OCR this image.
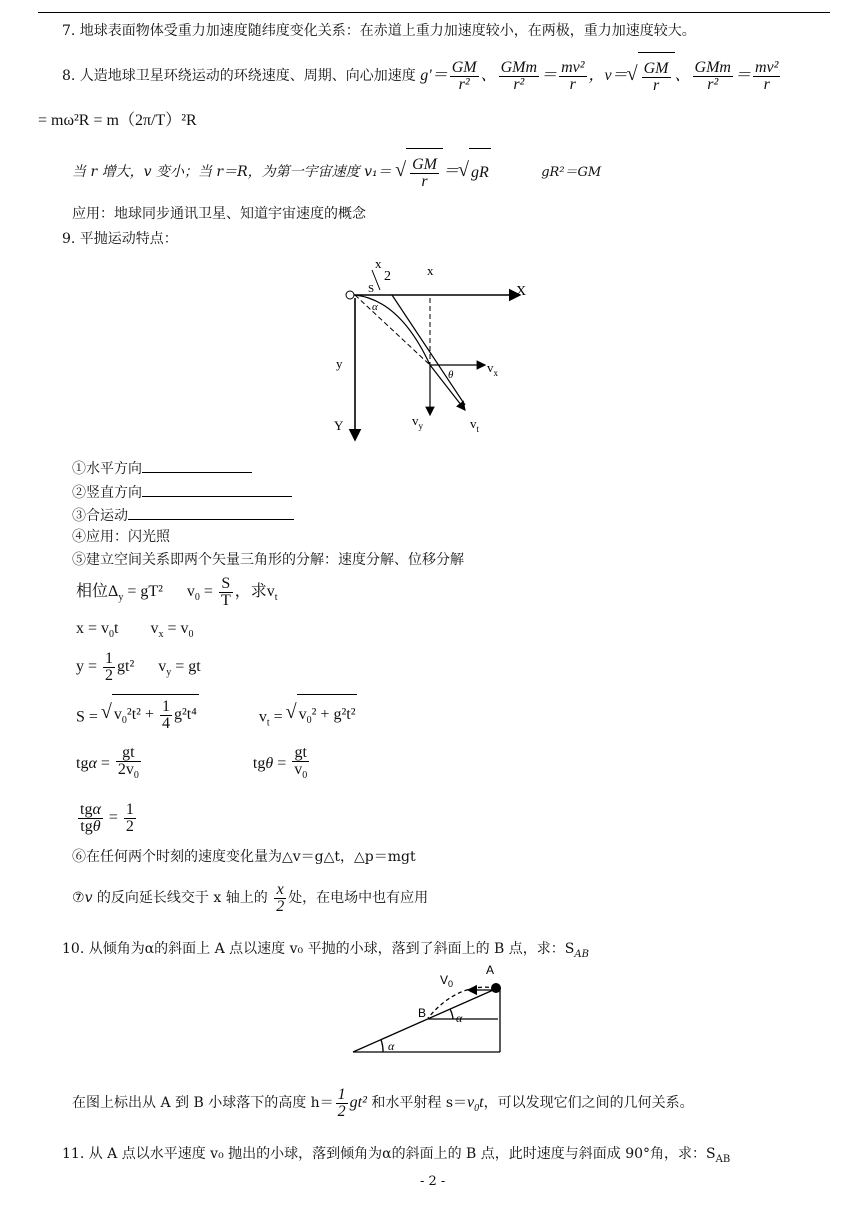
7. 地球表面物体受重力加速度随纬度变化关系：在赤道上重力加速度较小，在两极，重力加速度较大。
8. 人造地球卫星环绕运动的环绕速度、周期、向心加速度 $g'= \frac{GM}{\text{r²}}$ 、 $\frac{\text{GMm}}{\text{r²}} = \frac{\text{mv²}}{r}$ ，v＝ √ $\frac{GM}{r}$ 、 $\frac{\text{GMm}}{\text{r²}} = \frac{\text{mv²}}{r}$
= mω²R = m（2π/T）²R
当 r 增大，v 变小；当 r＝R，为第一宇宙速度 v₁＝ √ $\frac{GM}{r}$ ＝ √ gR	gR²＝GM
应用：地球同步通讯卫星、知道宇宙速度的概念
9. 平抛运动特点：
x
2	x
X
S
α
y
θ	$v_x$
$v_y$	$v_t$
Y
①水平方向
②竖直方向
③合运动
④应用：闪光照
⑤建立空间关系即两个矢量三角形的分解：速度分解、位移分解
相位$\Delta_y = gT^2$      $v_0 = \frac{S}{T}$ ，求$v_t$
$x = v_0t$        $v_x = v_0$
$y = \frac{1}{2} gt^2$      $v_y$ = gt
S = √ $v_0^2t^2 + \frac{1}{4} g^2t^4$	$v_t$ = √ $v_0^2 + g^2t^2$
$tg\alpha = \frac{gt}{2v_0}$	$tg\theta = \frac{gt}{v_0}$
$\frac{\text{tgα}}{\text{tgθ}} = \frac{1}{2}$
⑥在任何两个时刻的速度变化量为△v＝g△t，△p＝mgt
⑦v 的反向延长线交于 x 轴上的 $\frac{x}{2}$ 处，在电场中也有应用
10. 从倾角为α的斜面上 A 点以速度 v₀ 平抛的小球，落到了斜面上的 B 点，求：$S_{AB}$
$V_0$
A
B α
α
在图上标出从 A 到 B 小球落下的高度 $h= \frac{1}{2} gt^2$ 和水平射程 $s=v_0t$，可以发现它们之间的几何关系。
11. 从 A 点以水平速度 v₀ 抛出的小球，落到倾角为α的斜面上的 B 点，此时速度与斜面成 90°角，求：$S_{AB}$
- 2 -
